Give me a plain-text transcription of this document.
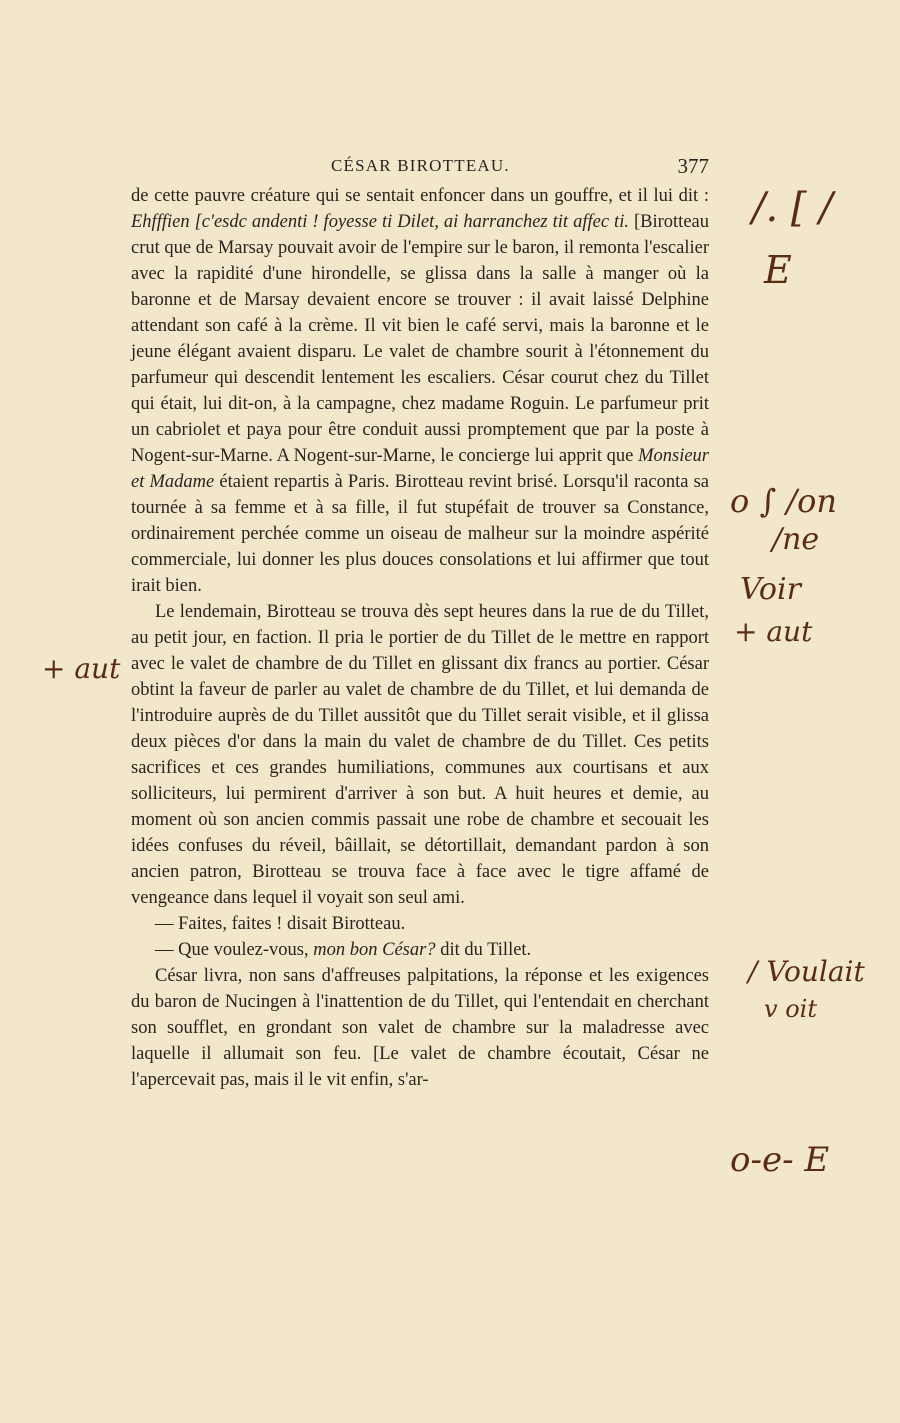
CÉSAR BIROTTEAU.	377

de cette pauvre créature qui se sentait enfoncer dans un gouffre, et il lui dit : Ehfffien [c'esdc andenti ! foyesse ti Dilet, ai harranchez tit affec ti. [Birotteau crut que de Marsay pouvait avoir de l'empire sur le baron, il remonta l'escalier avec la rapidité d'une hirondelle, se glissa dans la salle à manger où la baronne et de Marsay devaient encore se trouver : il avait laissé Delphine attendant son café à la crème. Il vit bien le café servi, mais la baronne et le jeune élégant avaient disparu. Le valet de chambre sourit à l'étonnement du parfumeur qui descendit lentement les escaliers. César courut chez du Tillet qui était, lui dit-on, à la campagne, chez madame Roguin. Le parfumeur prit un cabriolet et paya pour être conduit aussi promptement que par la poste à Nogent-sur-Marne. A Nogent-sur-Marne, le concierge lui apprit que Monsieur et Madame étaient repartis à Paris. Birotteau revint brisé. Lorsqu'il raconta sa tournée à sa femme et à sa fille, il fut stupéfait de trouver sa Constance, ordinairement perchée comme un oiseau de malheur sur la moindre aspérité commerciale, lui donner les plus douces consolations et lui affirmer que tout irait bien.

Le lendemain, Birotteau se trouva dès sept heures dans la rue de du Tillet, au petit jour, en faction. Il pria le portier de du Tillet de le mettre en rapport avec le valet de chambre de du Tillet en glissant dix francs au portier. César obtint la faveur de parler au valet de chambre de du Tillet, et lui demanda de l'introduire auprès de du Tillet aussitôt que du Tillet serait visible, et il glissa deux pièces d'or dans la main du valet de chambre de du Tillet. Ces petits sacrifices et ces grandes humiliations, communes aux courtisans et aux solliciteurs, lui permirent d'arriver à son but. A huit heures et demie, au moment où son ancien commis passait une robe de chambre et secouait les idées confuses du réveil, bâillait, se détortillait, demandant pardon à son ancien patron, Birotteau se trouva face à face avec le tigre affamé de vengeance dans lequel il voyait son seul ami.

— Faites, faites ! disait Birotteau.

— Que voulez-vous, mon bon César? dit du Tillet.

César livra, non sans d'affreuses palpitations, la réponse et les exigences du baron de Nucingen à l'inattention de du Tillet, qui l'entendait en cherchant son soufflet, en grondant son valet de chambre sur la maladresse avec laquelle il allumait son feu. [Le valet de chambre écoutait, César ne l'apercevait pas, mais il le vit enfin, s'ar-

/. [ /
E
o ∫ /on
/ne
Voir
+ aut
+ aut
/ Voulait
v oit
o-e- E
